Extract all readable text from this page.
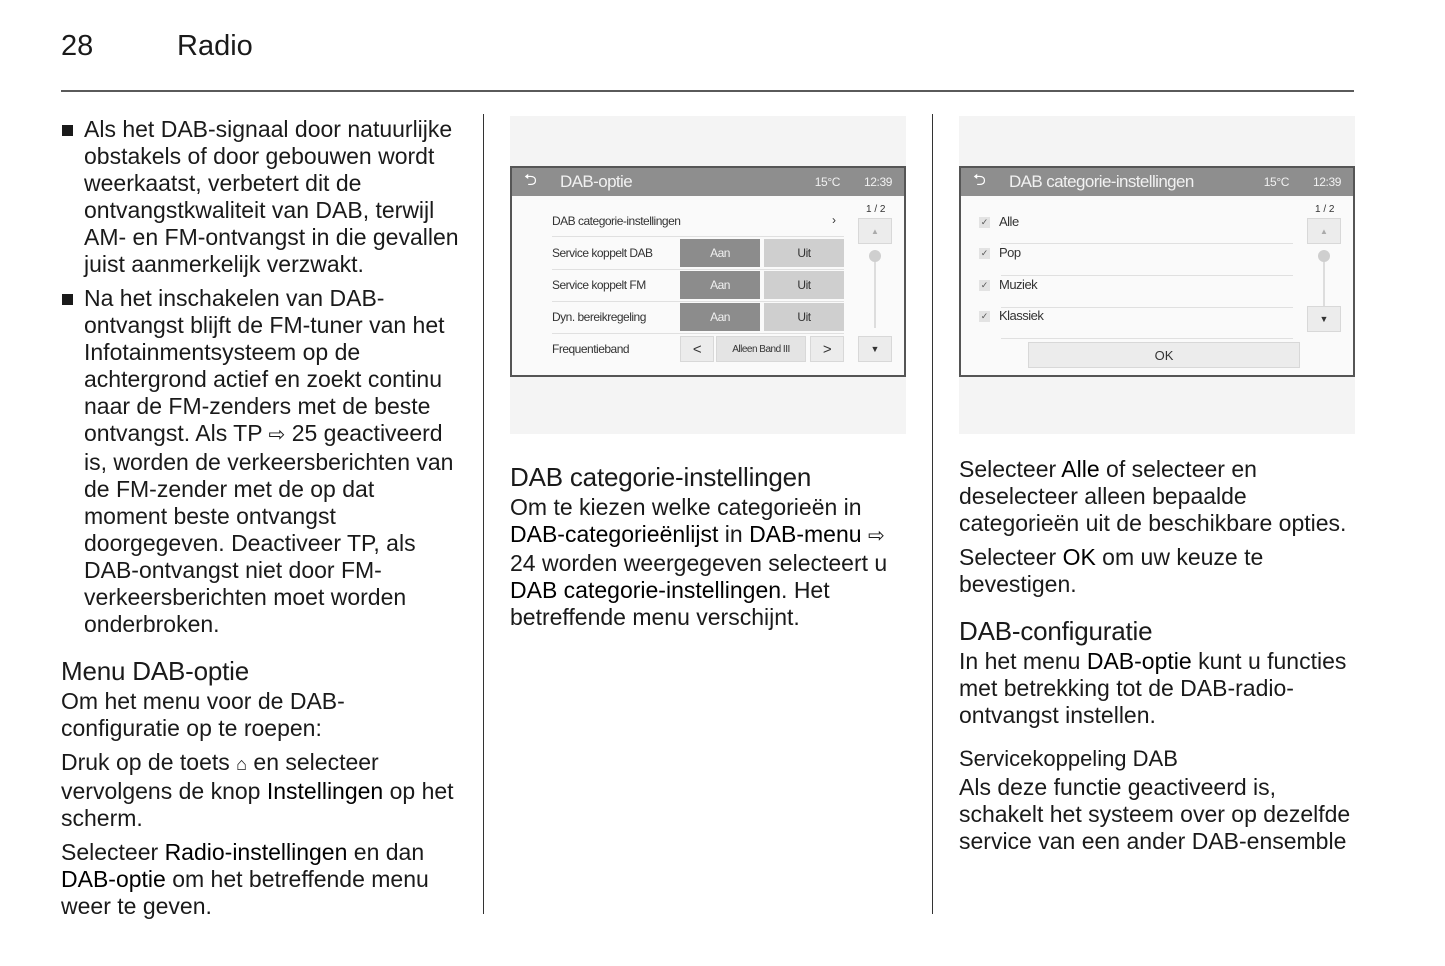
28	Radio
Als het DAB-signaal door natuurlijke obstakels of door gebouwen wordt weerkaatst, verbetert dit de ontvangstkwaliteit van DAB, terwijl AM- en FM-ontvangst in die gevallen juist aanmerkelijk verzwakt.
Na het inschakelen van DAB-ontvangst blijft de FM-tuner van het Infotainmentsysteem op de achtergrond actief en zoekt continu naar de FM-zenders met de beste ontvangst. Als TP ⇨ 25 geactiveerd is, worden de verkeersberichten van de FM-zender met de op dat moment beste ontvangst doorgegeven. Deactiveer TP, als DAB-ontvangst niet door FM-verkeersberichten moet worden onderbroken.
Menu DAB-optie

Om het menu voor de DAB-configuratie op te roepen:

Druk op de toets ⌂ en selecteer vervolgens de knop Instellingen op het scherm.

Selecteer Radio-instellingen en dan DAB-optie om het betreffende menu weer te geven.

⮌	DAB-optie	15°C 12:39
DAB categorie-instellingen	›
Service koppelt DAB	Aan	Uit
Service koppelt FM	Aan	Uit
Dyn. bereikregeling	Aan	Uit
Frequentieband	<	Alleen Band III	>
1 / 2
▲
▼
DAB categorie-instellingen

Om te kiezen welke categorieën in DAB-categorieënlijst in DAB-menu ⇨ 24 worden weergegeven selecteert u DAB categorie-instellingen. Het betreffende menu verschijnt.

⮌	DAB categorie-instellingen	15°C 12:39
✓ Alle
✓ Pop
✓ Muziek
✓ Klassiek
OK
1 / 2
▲
▼

Selecteer Alle of selecteer en deselecteer alleen bepaalde categorieën uit de beschikbare opties.

Selecteer OK om uw keuze te bevestigen.

DAB-configuratie

In het menu DAB-optie kunt u functies met betrekking tot de DAB-radio-ontvangst instellen.

Servicekoppeling DAB

Als deze functie geactiveerd is, schakelt het systeem over op dezelfde service van een ander DAB-ensemble
